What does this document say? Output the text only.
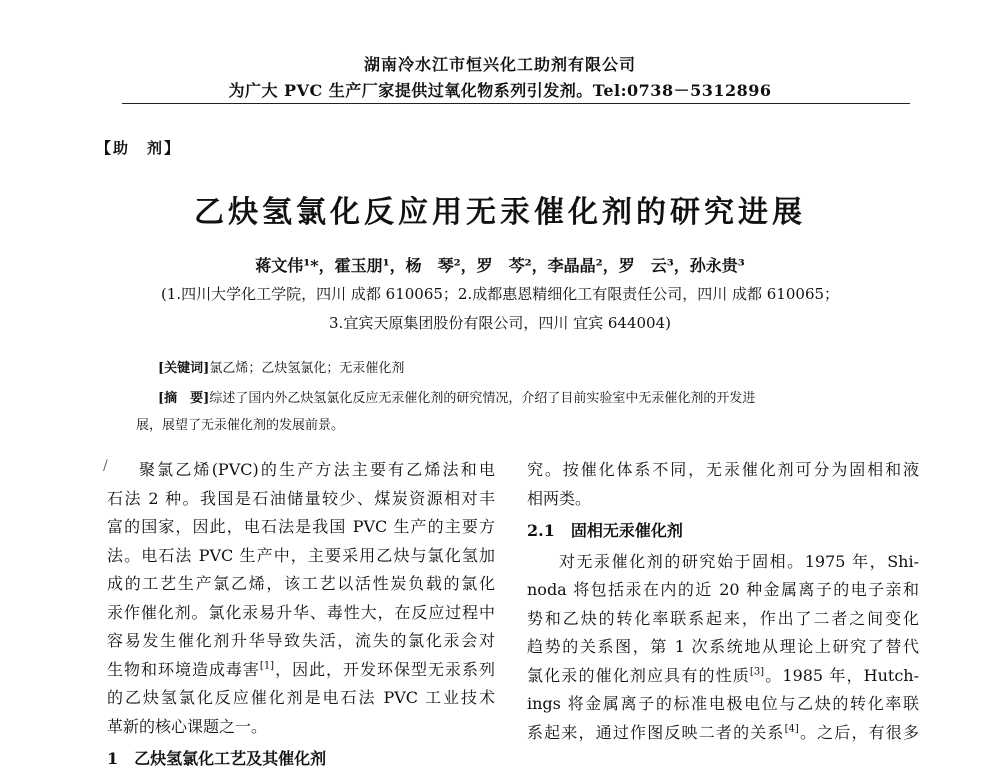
湖南冷水江市恒兴化工助剂有限公司
为广大 PVC 生产厂家提供过氧化物系列引发剂。Tel:0738－5312896
【助　剂】
乙炔氢氯化反应用无汞催化剂的研究进展
蒋文伟¹*，霍玉朋¹，杨　琴²，罗　芩²，李晶晶²，罗　云³，孙永贵³
(1.四川大学化工学院，四川 成都 610065；2.成都惠恩精细化工有限责任公司，四川 成都 610065；
3.宜宾天原集团股份有限公司，四川 宜宾 644004)
[关键词]氯乙烯；乙炔氢氯化；无汞催化剂
[摘　要]综述了国内外乙炔氢氯化反应无汞催化剂的研究情况，介绍了目前实验室中无汞催化剂的开发进
展，展望了无汞催化剂的发展前景。
/	聚氯乙烯(PVC)的生产方法主要有乙烯法和电

石法 2 种。我国是石油储量较少、煤炭资源相对丰

富的国家，因此，电石法是我国 PVC 生产的主要方

法。电石法 PVC 生产中，主要采用乙炔与氯化氢加

成的工艺生产氯乙烯，该工艺以活性炭负载的氯化

汞作催化剂。氯化汞易升华、毒性大，在反应过程中

容易发生催化剂升华导致失活，流失的氯化汞会对

生物和环境造成毒害[1]，因此，开发环保型无汞系列

的乙炔氢氯化反应催化剂是电石法 PVC 工业技术

革新的核心课题之一。

1　乙炔氢氯化工艺及其催化剂

究。按催化体系不同，无汞催化剂可分为固相和液

相两类。

2.1　固相无汞催化剂

对无汞催化剂的研究始于固相。1975 年，Shi-

noda 将包括汞在内的近 20 种金属离子的电子亲和

势和乙炔的转化率联系起来，作出了二者之间变化

趋势的关系图，第 1 次系统地从理论上研究了替代

氯化汞的催化剂应具有的性质[3]。1985 年，Hutch-

ings 将金属离子的标准电极电位与乙炔的转化率联

系起来，通过作图反映二者的关系[4]。之后，有很多
